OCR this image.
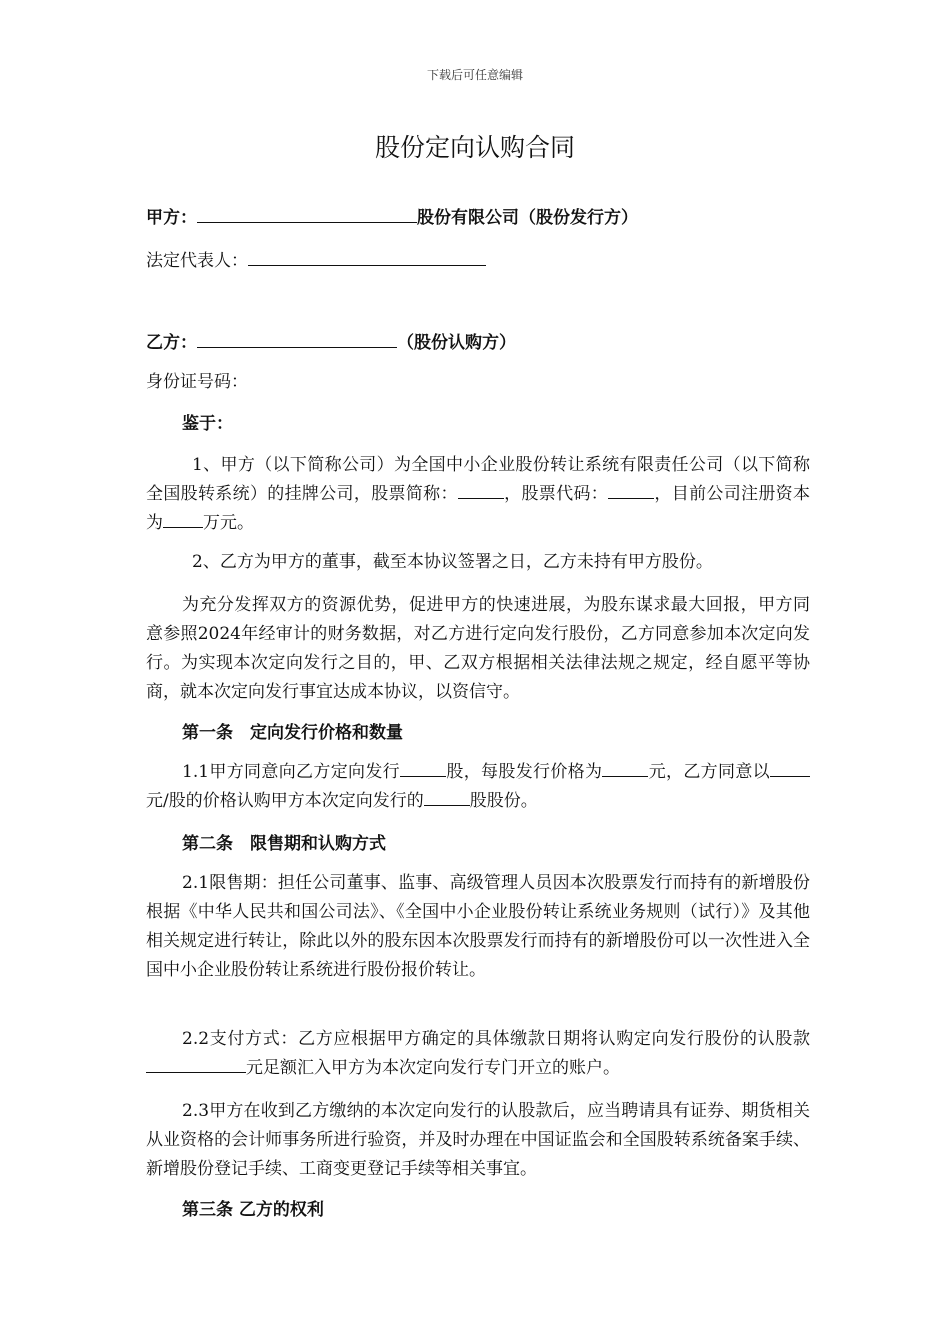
下载后可任意编辑
股份定向认购合同
甲方：	股份有限公司（股份发行方）
法定代表人：
乙方：	（股份认购方）
身份证号码：
鉴于：
1、甲方（以下简称公司）为全国中小企业股份转让系统有限责任公司（以下简称全国股转系统）的挂牌公司，股票简称：	，股票代码：	，目前公司注册资本为 万元。
2、乙方为甲方的董事，截至本协议签署之日，乙方未持有甲方股份。
为充分发挥双方的资源优势，促进甲方的快速进展，为股东谋求最大回报，甲方同意参照2024年经审计的财务数据，对乙方进行定向发行股份，乙方同意参加本次定向发行。为实现本次定向发行之目的，甲、乙双方根据相关法律法规之规定，经自愿平等协商，就本次定向发行事宜达成本协议，以资信守。
第一条　定向发行价格和数量
1.1甲方同意向乙方定向发行	股，每股发行价格为	元，乙方同意以元/股的价格认购甲方本次定向发行的	股股份。
第二条　限售期和认购方式
2.1限售期：担任公司董事、监事、高级管理人员因本次股票发行而持有的新增股份根据《中华人民共和国公司法》、《全国中小企业股份转让系统业务规则（试行）》及其他相关规定进行转让，除此以外的股东因本次股票发行而持有的新增股份可以一次性进入全国中小企业股份转让系统进行股份报价转让。
2.2支付方式：乙方应根据甲方确定的具体缴款日期将认购定向发行股份的认股款元足额汇入甲方为本次定向发行专门开立的账户。
2.3甲方在收到乙方缴纳的本次定向发行的认股款后，应当聘请具有证券、期货相关从业资格的会计师事务所进行验资，并及时办理在中国证监会和全国股转系统备案手续、新增股份登记手续、工商变更登记手续等相关事宜。
第三条 乙方的权利
